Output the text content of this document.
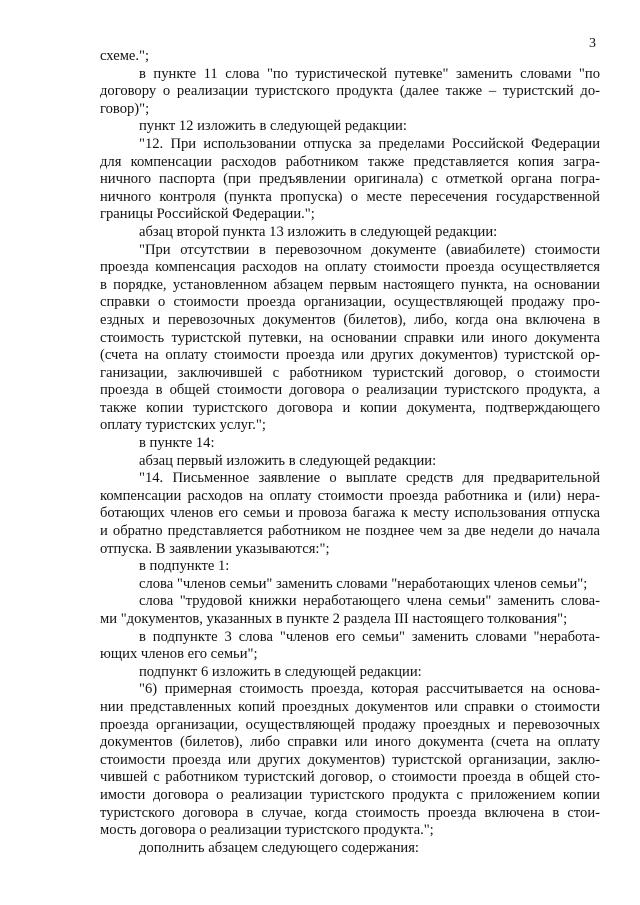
3
схеме.";
в пункте 11 слова "по туристической путевке" заменить словами "по
договору о реализации туристского продукта (далее также – туристский до-
говор)";
пункт 12 изложить в следующей редакции:
"12. При использовании отпуска за пределами Российской Федерации
для компенсации расходов работником также представляется копия загра-
ничного паспорта (при предъявлении оригинала) с отметкой органа погра-
ничного контроля (пункта пропуска) о месте пересечения государственной
границы Российской Федерации.";
абзац второй пункта 13 изложить в следующей редакции:
"При отсутствии в перевозочном документе (авиабилете) стоимости
проезда компенсация расходов на оплату стоимости проезда осуществляется
в порядке, установленном абзацем первым настоящего пункта, на основании
справки о стоимости проезда организации, осуществляющей продажу про-
ездных и перевозочных документов (билетов), либо, когда она включена в
стоимость туристской путевки, на основании справки или иного документа
(счета на оплату стоимости проезда или других документов) туристской ор-
ганизации, заключившей с работником туристский договор, о стоимости
проезда в общей стоимости договора о реализации туристского продукта, а
также копии туристского договора и копии документа, подтверждающего
оплату туристских услуг.";
в пункте 14:
абзац первый изложить в следующей редакции:
"14. Письменное заявление о выплате средств для предварительной
компенсации расходов на оплату стоимости проезда работника и (или) нера-
ботающих членов его семьи и провоза багажа к месту использования отпуска
и обратно представляется работником не позднее чем за две недели до начала
отпуска. В заявлении указываются:";
в подпункте 1:
слова "членов семьи" заменить словами "неработающих членов семьи";
слова "трудовой книжки неработающего члена семьи" заменить слова-
ми "документов, указанных в пункте 2 раздела III настоящего толкования";
в подпункте 3 слова "членов его семьи" заменить словами "неработа-
ющих членов его семьи";
подпункт 6 изложить в следующей редакции:
"6) примерная стоимость проезда, которая рассчитывается на основа-
нии представленных копий проездных документов или справки о стоимости
проезда организации, осуществляющей продажу проездных и перевозочных
документов (билетов), либо справки или иного документа (счета на оплату
стоимости проезда или других документов) туристской организации, заклю-
чившей с работником туристский договор, о стоимости проезда в общей сто-
имости договора о реализации туристского продукта с приложением копии
туристского договора в случае, когда стоимость проезда включена в стои-
мость договора о реализации туристского продукта.";
дополнить абзацем следующего содержания:
